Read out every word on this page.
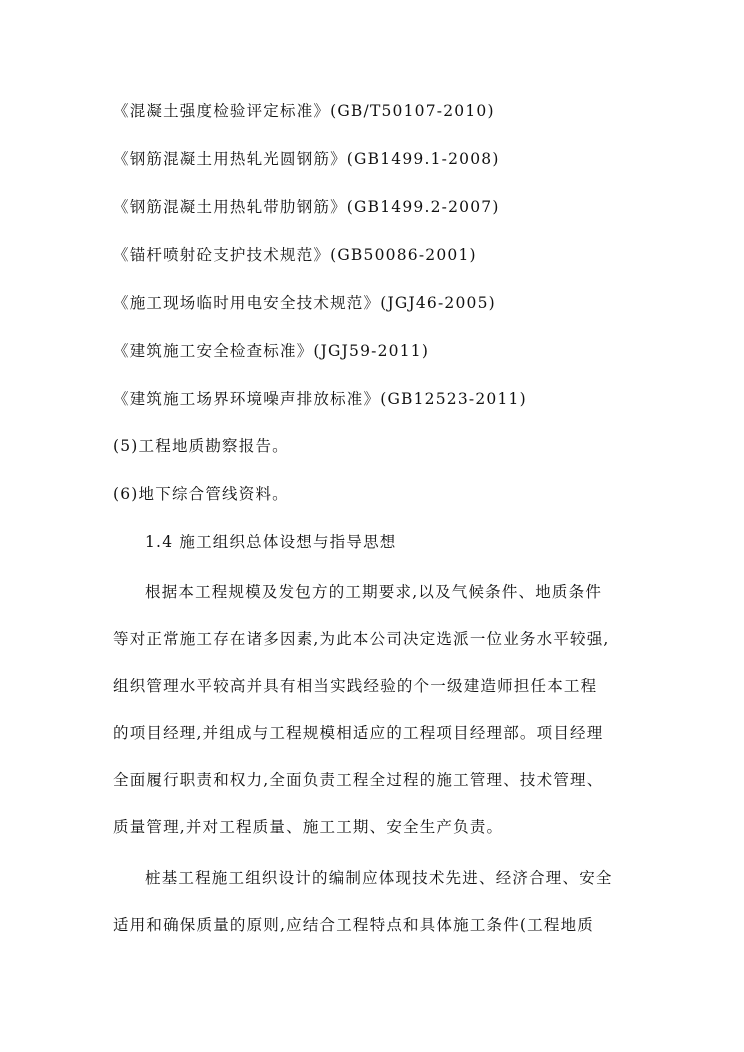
《混凝土强度检验评定标准》(GB/T50107-2010)
《钢筋混凝土用热轧光圆钢筋》(GB1499.1-2008)
《钢筋混凝土用热轧带肋钢筋》(GB1499.2-2007)
《锚杆喷射砼支护技术规范》(GB50086-2001)
《施工现场临时用电安全技术规范》(JGJ46-2005)
《建筑施工安全检查标准》(JGJ59-2011)
《建筑施工场界环境噪声排放标准》(GB12523-2011)
(5)工程地质勘察报告。
(6)地下综合管线资料。
1.4 施工组织总体设想与指导思想
根据本工程规模及发包方的工期要求,以及气候条件、地质条件
等对正常施工存在诸多因素,为此本公司决定选派一位业务水平较强,
组织管理水平较高并具有相当实践经验的个一级建造师担任本工程
的项目经理,并组成与工程规模相适应的工程项目经理部。项目经理
全面履行职责和权力,全面负责工程全过程的施工管理、技术管理、
质量管理,并对工程质量、施工工期、安全生产负责。
桩基工程施工组织设计的编制应体现技术先进、经济合理、安全
适用和确保质量的原则,应结合工程特点和具体施工条件(工程地质
